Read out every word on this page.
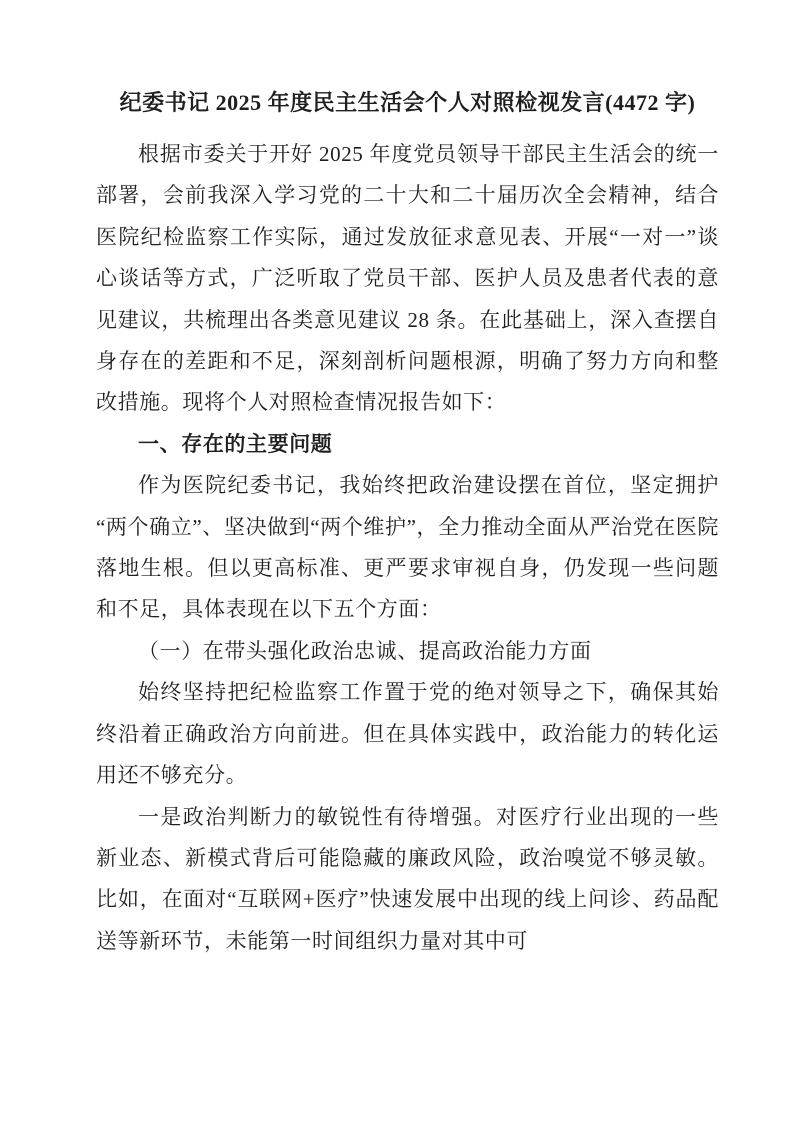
纪委书记 2025 年度民主生活会个人对照检视发言(4472 字)

根据市委关于开好 2025 年度党员领导干部民主生活会的统一部署，会前我深入学习党的二十大和二十届历次全会精神，结合医院纪检监察工作实际，通过发放征求意见表、开展“一对一”谈心谈话等方式，广泛听取了党员干部、医护人员及患者代表的意见建议，共梳理出各类意见建议 28 条。在此基础上，深入查摆自身存在的差距和不足，深刻剖析问题根源，明确了努力方向和整改措施。现将个人对照检查情况报告如下：

一、存在的主要问题

作为医院纪委书记，我始终把政治建设摆在首位，坚定拥护“两个确立”、坚决做到“两个维护”，全力推动全面从严治党在医院落地生根。但以更高标准、更严要求审视自身，仍发现一些问题和不足，具体表现在以下五个方面：

（一）在带头强化政治忠诚、提高政治能力方面

始终坚持把纪检监察工作置于党的绝对领导之下，确保其始终沿着正确政治方向前进。但在具体实践中，政治能力的转化运用还不够充分。

一是政治判断力的敏锐性有待增强。对医疗行业出现的一些新业态、新模式背后可能隐藏的廉政风险，政治嗅觉不够灵敏。比如，在面对“互联网+医疗”快速发展中出现的线上问诊、药品配送等新环节，未能第一时间组织力量对其中可
